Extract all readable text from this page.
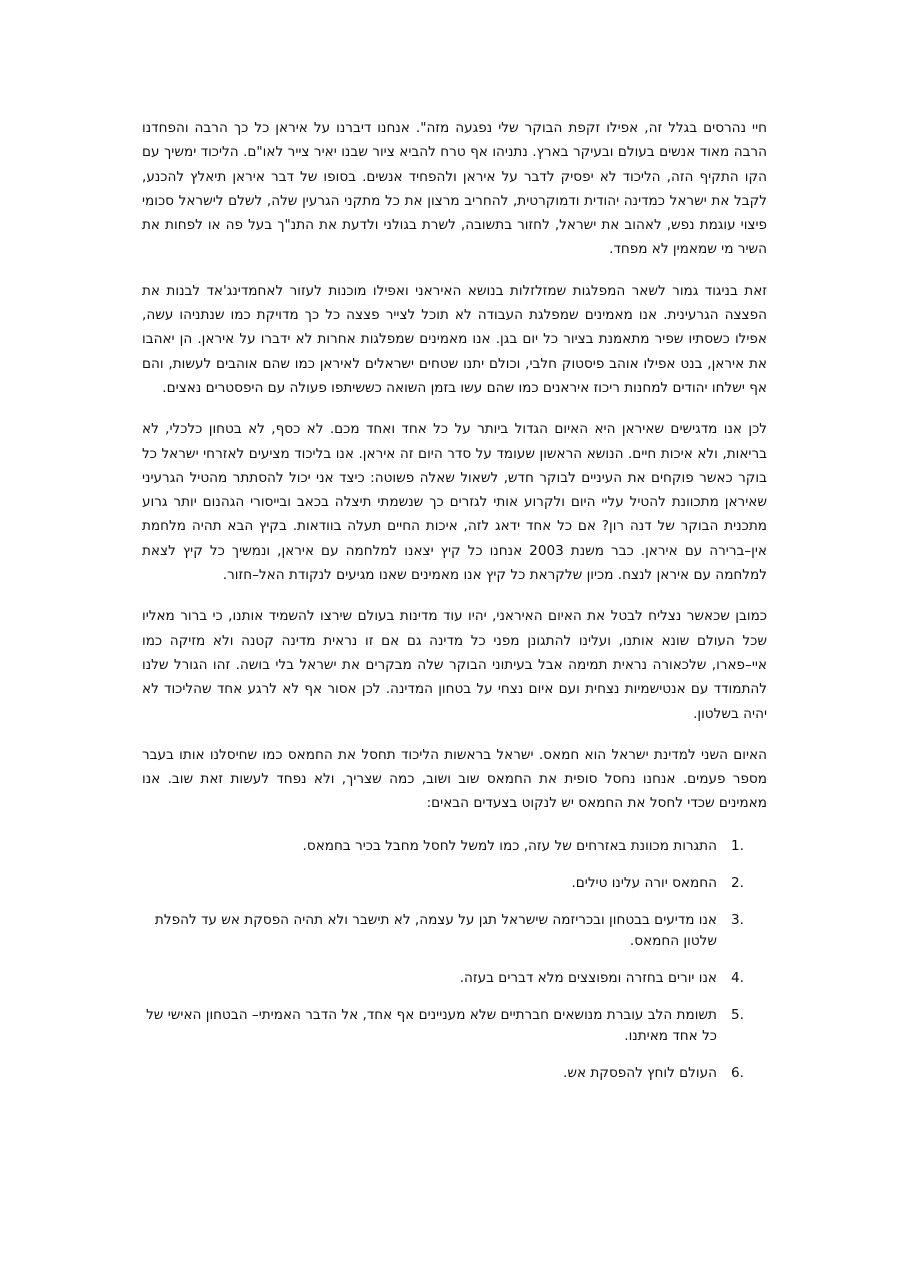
חיי נהרסים בגלל זה, אפילו זקפת הבוקר שלי נפגעה מזה". אנחנו דיברנו על איראן כל כך הרבה והפחדנו הרבה מאוד אנשים בעולם ובעיקר בארץ. נתניהו אף טרח להביא ציור שבנו יאיר צייר לאו"ם. הליכוד ימשיך עם הקו התקיף הזה, הליכוד לא יפסיק לדבר על איראן ולהפחיד אנשים. בסופו של דבר איראן תיאלץ להכנע, לקבל את ישראל כמדינה יהודית ודמוקרטית, להחריב מרצון את כל מתקני הגרעין שלה, לשלם לישראל סכומי פיצוי עוגמת נפש, לאהוב את ישראל, לחזור בתשובה, לשרת בגולני ולדעת את התנ"ך בעל פה או לפחות את השיר מי שמאמין לא מפחד.

זאת בניגוד גמור לשאר המפלגות שמזלזלות בנושא האיראני ואפילו מוכנות לעזור לאחמדינג'אד לבנות את הפצצה הגרעינית. אנו מאמינים שמפלגת העבודה לא תוכל לצייר פצצה כל כך מדויקת כמו שנתניהו עשה, אפילו כשסתיו שפיר מתאמנת בציור כל יום בגן. אנו מאמינים שמפלגות אחרות לא ידברו על איראן. הן יאהבו את איראן, בנט אפילו אוהב פיסטוק חלבי, וכולם יתנו שטחים ישראלים לאיראן כמו שהם אוהבים לעשות, והם אף ישלחו יהודים למחנות ריכוז איראנים כמו שהם עשו בזמן השואה כששיתפו פעולה עם היפסטרים נאצים.

לכן אנו מדגישים שאיראן היא האיום הגדול ביותר על כל אחד ואחד מכם. לא כסף, לא בטחון כלכלי, לא בריאות, ולא איכות חיים. הנושא הראשון שעומד על סדר היום זה איראן. אנו בליכוד מציעים לאזרחי ישראל כל בוקר כאשר פוקחים את העיניים לבוקר חדש, לשאול שאלה פשוטה: כיצד אני יכול להסתתר מהטיל הגרעיני שאיראן מתכוונת להטיל עליי היום ולקרוע אותי לגזרים כך שנשמתי תיצלה בכאב ובייסורי הגהנום יותר גרוע מתכנית הבוקר של דנה רון? אם כל אחד ידאג לזה, איכות החיים תעלה בוודאות. בקיץ הבא תהיה מלחמת אין–ברירה עם איראן. כבר משנת 2003 אנחנו כל קיץ יצאנו למלחמה עם איראן, ונמשיך כל קיץ לצאת למלחמה עם איראן לנצח. מכיון שלקראת כל קיץ אנו מאמינים שאנו מגיעים לנקודת האל–חזור.

כמובן שכאשר נצליח לבטל את האיום האיראני, יהיו עוד מדינות בעולם שירצו להשמיד אותנו, כי ברור מאליו שכל העולם שונא אותנו, ועלינו להתגונן מפני כל מדינה גם אם זו נראית מדינה קטנה ולא מזיקה כמו איי–פארו, שלכאורה נראית תמימה אבל בעיתוני הבוקר שלה מבקרים את ישראל בלי בושה. זהו הגורל שלנו להתמודד עם אנטישמיות נצחית ועם איום נצחי על בטחון המדינה. לכן אסור אף לא לרגע אחד שהליכוד לא יהיה בשלטון.

האיום השני למדינת ישראל הוא חמאס. ישראל בראשות הליכוד תחסל את החמאס כמו שחיסלנו אותו בעבר מספר פעמים. אנחנו נחסל סופית את החמאס שוב ושוב, כמה שצריך, ולא נפחד לעשות זאת שוב. אנו מאמינים שכדי לחסל את החמאס יש לנקוט בצעדים הבאים:

1.
התגרות מכוונת באזרחים של עזה, כמו למשל לחסל מחבל בכיר בחמאס.
2.
החמאס יורה עלינו טילים.
3.
אנו מדיעים בבטחון ובכריזמה שישראל תגן על עצמה, לא תישבר ולא תהיה הפסקת אש עד להפלת שלטון החמאס.
4.
אנו יורים בחזרה ומפוצצים מלא דברים בעזה.
5.
תשומת הלב עוברת מנושאים חברתיים שלא מעניינים אף אחד, אל הדבר האמיתי– הבטחון האישי של כל אחד מאיתנו.
6.
העולם לוחץ להפסקת אש.
